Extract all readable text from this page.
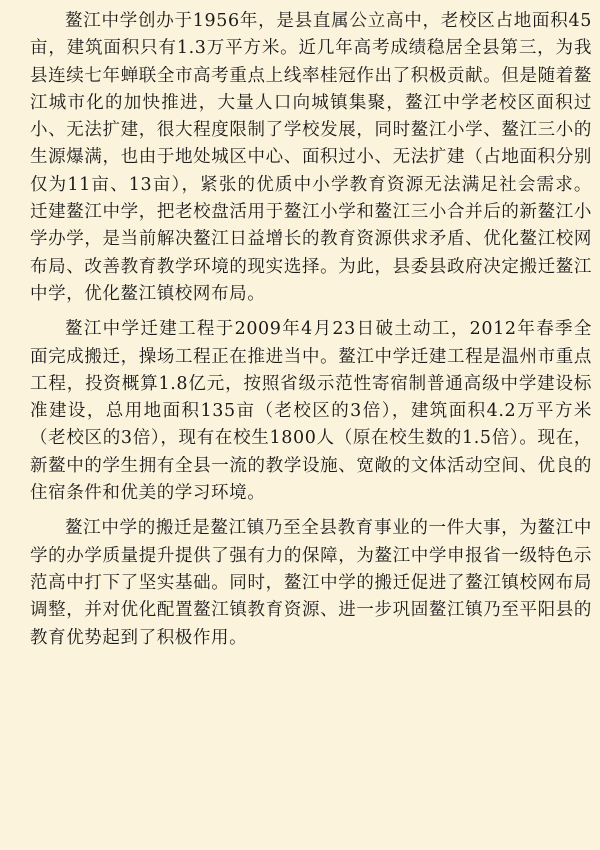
鳌江中学创办于1956年，是县直属公立高中，老校区占地面积45亩，建筑面积只有1.3万平方米。近几年高考成绩稳居全县第三，为我县连续七年蝉联全市高考重点上线率桂冠作出了积极贡献。但是随着鳌江城市化的加快推进，大量人口向城镇集聚，鳌江中学老校区面积过小、无法扩建，很大程度限制了学校发展，同时鳌江小学、鳌江三小的生源爆满，也由于地处城区中心、面积过小、无法扩建（占地面积分别仅为11亩、13亩），紧张的优质中小学教育资源无法满足社会需求。迁建鳌江中学，把老校盘活用于鳌江小学和鳌江三小合并后的新鳌江小学办学，是当前解决鳌江日益增长的教育资源供求矛盾、优化鳌江校网布局、改善教育教学环境的现实选择。为此，县委县政府决定搬迁鳌江中学，优化鳌江镇校网布局。

鳌江中学迁建工程于2009年4月23日破土动工，2012年春季全面完成搬迁，操场工程正在推进当中。鳌江中学迁建工程是温州市重点工程，投资概算1.8亿元，按照省级示范性寄宿制普通高级中学建设标准建设，总用地面积135亩（老校区的3倍），建筑面积4.2万平方米（老校区的3倍），现有在校生1800人（原在校生数的1.5倍）。现在，新鳌中的学生拥有全县一流的教学设施、宽敞的文体活动空间、优良的住宿条件和优美的学习环境。

鳌江中学的搬迁是鳌江镇乃至全县教育事业的一件大事，为鳌江中学的办学质量提升提供了强有力的保障，为鳌江中学申报省一级特色示范高中打下了坚实基础。同时，鳌江中学的搬迁促进了鳌江镇校网布局调整，并对优化配置鳌江镇教育资源、进一步巩固鳌江镇乃至平阳县的教育优势起到了积极作用。
